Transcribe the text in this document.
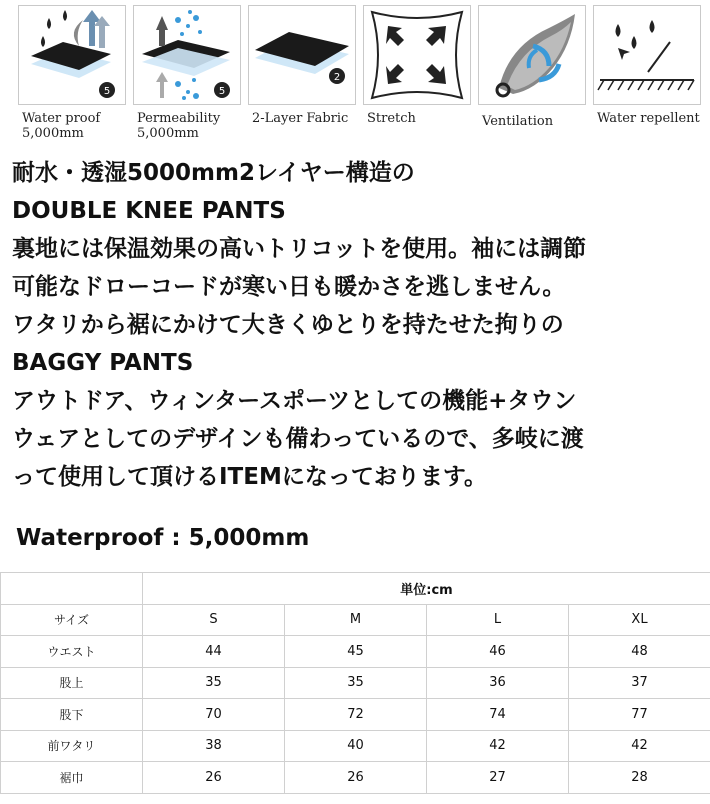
5
Water proof
5,000mm
5
Permeability
5,000mm
2
2-Layer Fabric	Stretch	Ventilation	Water repellent
耐水・透湿5000mm2レイヤー構造の
DOUBLE KNEE PANTS
裏地には保温効果の高いトリコットを使用。袖には調節
可能なドローコードが寒い日も暖かさを逃しません。
ワタリから裾にかけて大きくゆとりを持たせた拘りの
BAGGY PANTS
アウトドア、ウィンタースポーツとしての機能+タウン
ウェアとしてのデザインも備わっているので、多岐に渡
って使用して頂けるITEMになっております。
Waterproof : 5,000mm
	単位:cm			
サイズ	S	M	L	XL
ウエスト	44	45	46	48
股上	35	35	36	37
股下	70	72	74	77
前ワタリ	38	40	42	42
裾巾	26	26	27	28
